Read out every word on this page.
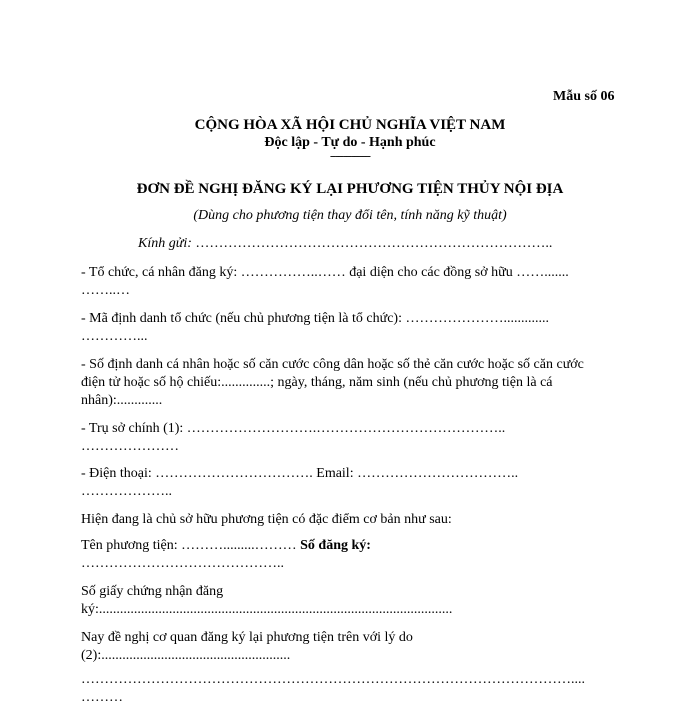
Mẫu số 06
CỘNG HÒA XÃ HỘI CHỦ NGHĨA VIỆT NAM
Độc lập - Tự do - Hạnh phúc
---------------
ĐƠN ĐỀ NGHỊ ĐĂNG KÝ LẠI PHƯƠNG TIỆN THỦY NỘI ĐỊA
(Dùng cho phương tiện thay đổi tên, tính năng kỹ thuật)
Kính gửi: …………………………………………………………………..
- Tổ chức, cá nhân đăng ký: ……………..…… đại diện cho các đồng sở hữu …….......
……..…
- Mã định danh tổ chức (nếu chủ phương tiện là tổ chức): ………………….............
…………...
- Số định danh cá nhân hoặc số căn cước công dân hoặc số thẻ căn cước hoặc số căn cước
điện tử hoặc số hộ chiếu:..............; ngày, tháng, năm sinh (nếu chủ phương tiện là cá
nhân):.............
- Trụ sở chính (1): ……………………….…………………………………..
…………………
- Điện thoại: ……………………………. Email: ……………………………..
………………..
Hiện đang là chủ sở hữu phương tiện có đặc điểm cơ bản như sau:
Tên phương tiện: ……….........……… Số đăng ký:
……………………………………..
Số giấy chứng nhận đăng
ký:.....................................................................................................
Nay đề nghị cơ quan đăng ký lại phương tiện trên với lý do
(2):......................................................
……………………………………………………………………………………………....
………
